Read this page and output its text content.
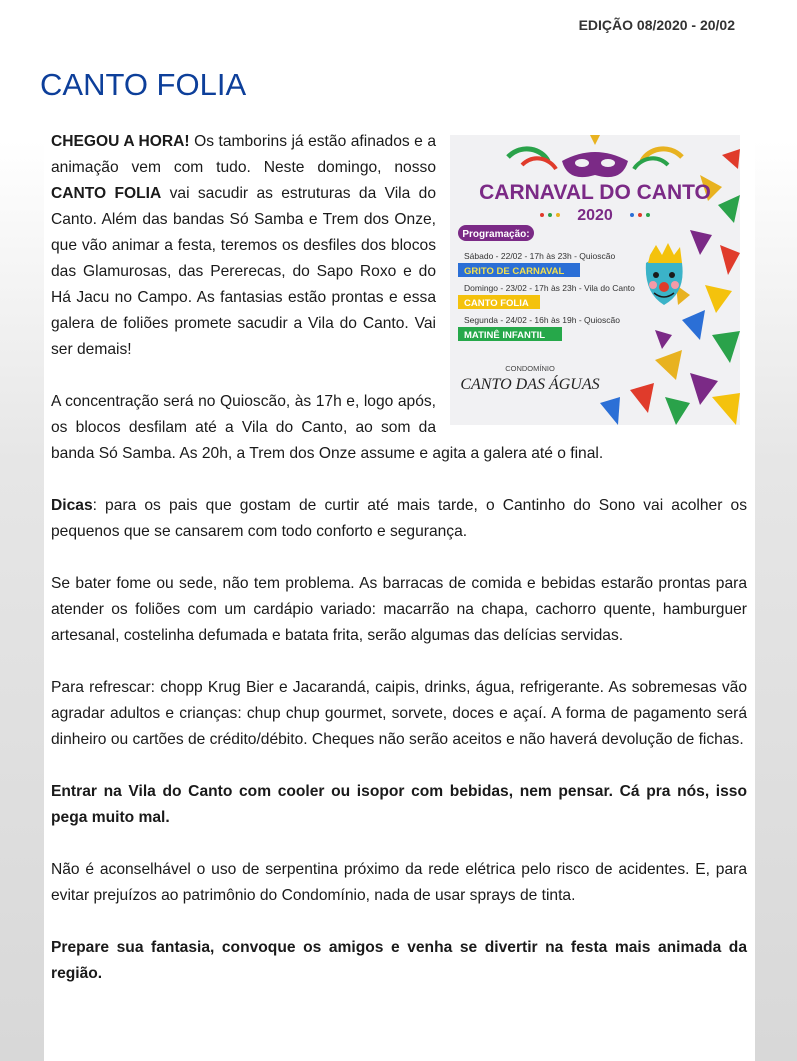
EDIÇÃO 08/2020 - 20/02
CANTO FOLIA
CARNAVAL DO CANTO
2020
Programação:
Sábado - 22/02 - 17h às 23h - Quioscão
GRITO DE CARNAVAL
Domingo - 23/02 - 17h às 23h - Vila do Canto
CANTO FOLIA
Segunda - 24/02 - 16h às 19h - Quioscão
MATINÊ INFANTIL
CONDOMÍNIO
CANTO DAS ÁGUAS

CHEGOU A HORA! Os tamborins já estão afinados e a animação vem com tudo. Neste domingo, nosso CANTO FOLIA vai sacudir as estruturas da Vila do Canto. Além das bandas Só Samba e Trem dos Onze, que vão animar a festa, teremos os desfiles dos blocos das Glamurosas, das Pererecas, do Sapo Roxo e do Há Jacu no Campo. As fantasias estão prontas e essa galera de foliões promete sacudir a Vila do Canto. Vai ser demais!

A concentração será no Quioscão, às 17h e, logo após, os blocos desfilam até a Vila do Canto, ao som da banda Só Samba. As 20h, a Trem dos Onze assume e agita a galera até o final.

Dicas: para os pais que gostam de curtir até mais tarde, o Cantinho do Sono vai acolher os pequenos que se cansarem com todo conforto e segurança.

Se bater fome ou sede, não tem problema. As barracas de comida e bebidas estarão prontas para atender os foliões com um cardápio variado: macarrão na chapa, cachorro quente, hamburguer artesanal, costelinha defumada e batata frita, serão algumas das delícias servidas.

Para refrescar: chopp Krug Bier e Jacarandá, caipis, drinks, água, refrigerante. As sobremesas vão agradar adultos e crianças: chup chup gourmet, sorvete, doces e açaí. A forma de pagamento será dinheiro ou cartões de crédito/débito. Cheques não serão aceitos e não haverá devolução de fichas.

Entrar na Vila do Canto com cooler ou isopor com bebidas, nem pensar. Cá pra nós, isso pega muito mal.

Não é aconselhável o uso de serpentina próximo da rede elétrica pelo risco de acidentes. E, para evitar prejuízos ao patrimônio do Condomínio, nada de usar sprays de tinta.

Prepare sua fantasia, convoque os amigos e venha se divertir na festa mais animada da região.
